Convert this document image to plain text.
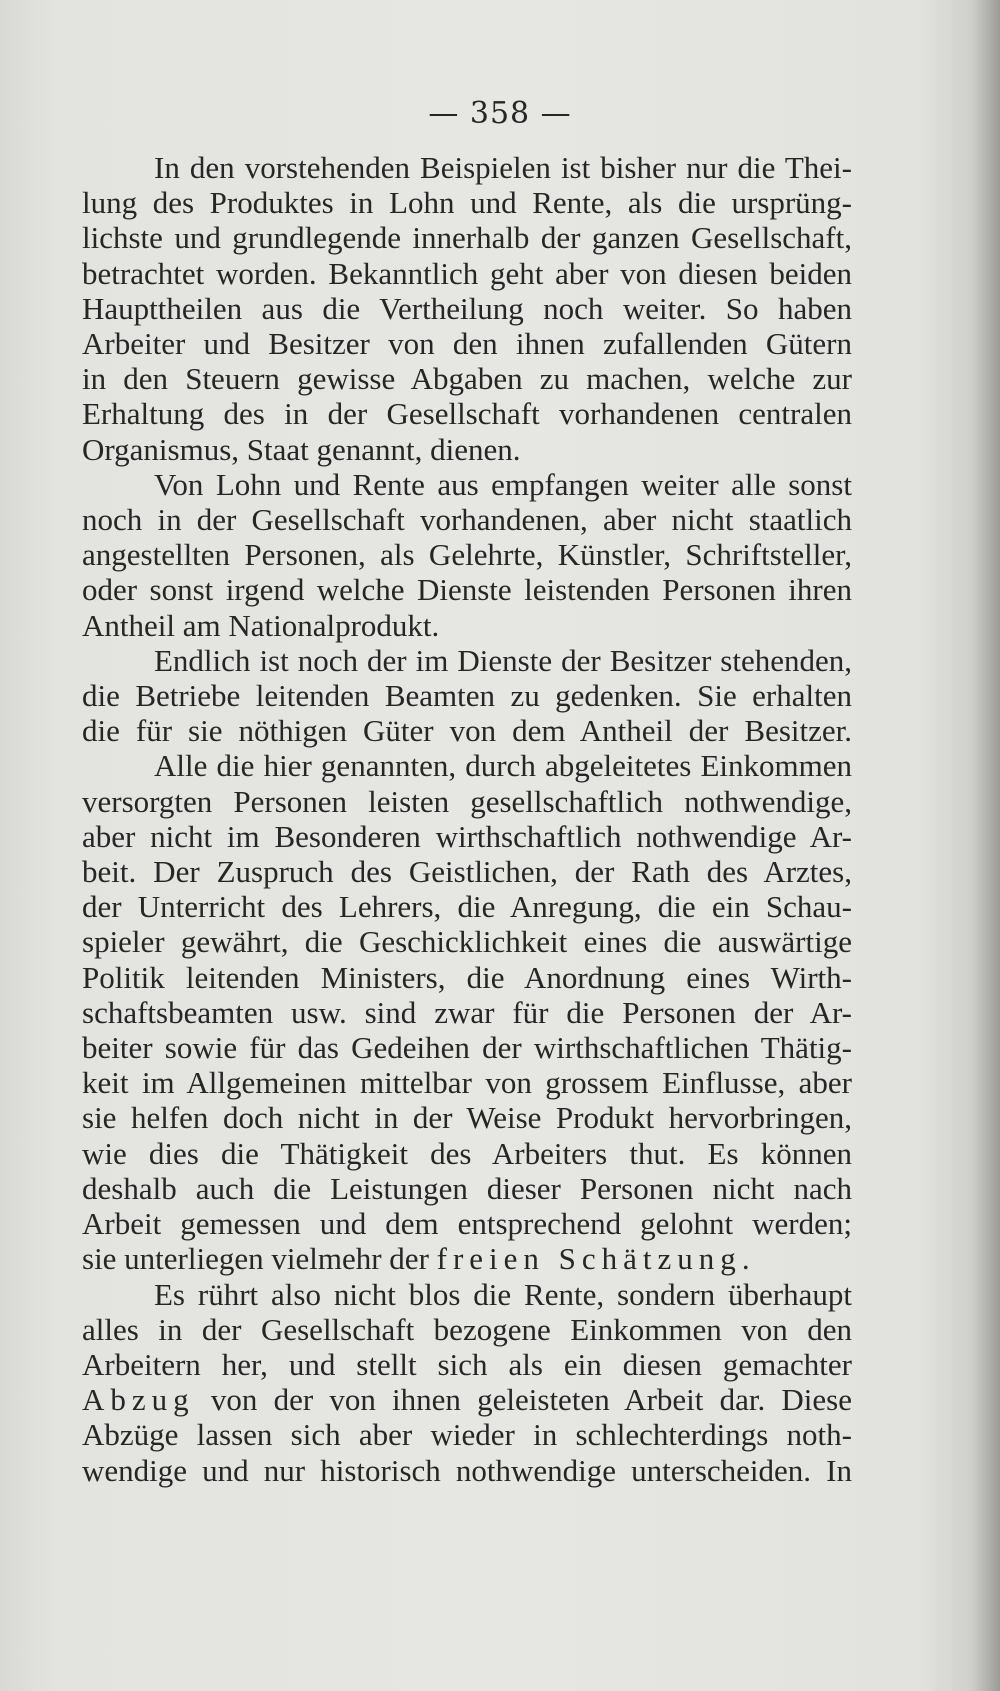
— 358 —

In den vorstehenden Beispielen ist bisher nur die Thei-
lung des Produktes in Lohn und Rente, als die ursprüng-
lichste und grundlegende innerhalb der ganzen Gesellschaft,
betrachtet worden. Bekanntlich geht aber von diesen beiden
Haupttheilen aus die Vertheilung noch weiter. So haben
Arbeiter und Besitzer von den ihnen zufallenden Gütern
in den Steuern gewisse Abgaben zu machen, welche zur
Erhaltung des in der Gesellschaft vorhandenen centralen
Organismus, Staat genannt, dienen.

Von Lohn und Rente aus empfangen weiter alle sonst
noch in der Gesellschaft vorhandenen, aber nicht staatlich
angestellten Personen, als Gelehrte, Künstler, Schriftsteller,
oder sonst irgend welche Dienste leistenden Personen ihren
Antheil am Nationalprodukt.

Endlich ist noch der im Dienste der Besitzer stehenden,
die Betriebe leitenden Beamten zu gedenken. Sie erhalten
die für sie nöthigen Güter von dem Antheil der Besitzer.

Alle die hier genannten, durch abgeleitetes Einkommen
versorgten Personen leisten gesellschaftlich nothwendige,
aber nicht im Besonderen wirthschaftlich nothwendige Ar-
beit. Der Zuspruch des Geistlichen, der Rath des Arztes,
der Unterricht des Lehrers, die Anregung, die ein Schau-
spieler gewährt, die Geschicklichkeit eines die auswärtige
Politik leitenden Ministers, die Anordnung eines Wirth-
schaftsbeamten usw. sind zwar für die Personen der Ar-
beiter sowie für das Gedeihen der wirthschaftlichen Thätig-
keit im Allgemeinen mittelbar von grossem Einflusse, aber
sie helfen doch nicht in der Weise Produkt hervorbringen,
wie dies die Thätigkeit des Arbeiters thut. Es können
deshalb auch die Leistungen dieser Personen nicht nach
Arbeit gemessen und dem entsprechend gelohnt werden;
sie unterliegen vielmehr der freien Schätzung.

Es rührt also nicht blos die Rente, sondern überhaupt
alles in der Gesellschaft bezogene Einkommen von den
Arbeitern her, und stellt sich als ein diesen gemachter
Abzug von der von ihnen geleisteten Arbeit dar. Diese
Abzüge lassen sich aber wieder in schlechterdings noth-
wendige und nur historisch nothwendige unterscheiden. In
